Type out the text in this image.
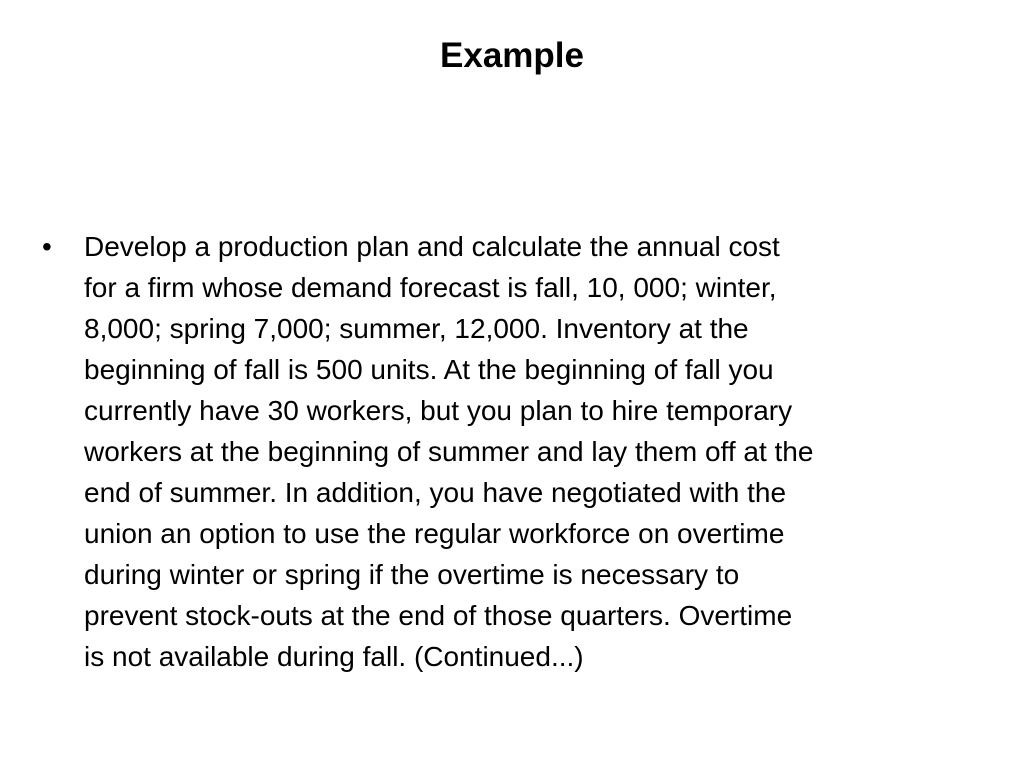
Example
• Develop a production plan and calculate the annual cost
for a firm whose demand forecast is fall, 10, 000; winter,
8,000; spring 7,000; summer, 12,000. Inventory at the
beginning of fall is 500 units. At the beginning of fall you
currently have 30 workers, but you plan to hire temporary
workers at the beginning of summer and lay them off at the
end of summer. In addition, you have negotiated with the
union an option to use the regular workforce on overtime
during winter or spring if the overtime is necessary to
prevent stock-outs at the end of those quarters. Overtime
is not available during fall. (Continued...)
